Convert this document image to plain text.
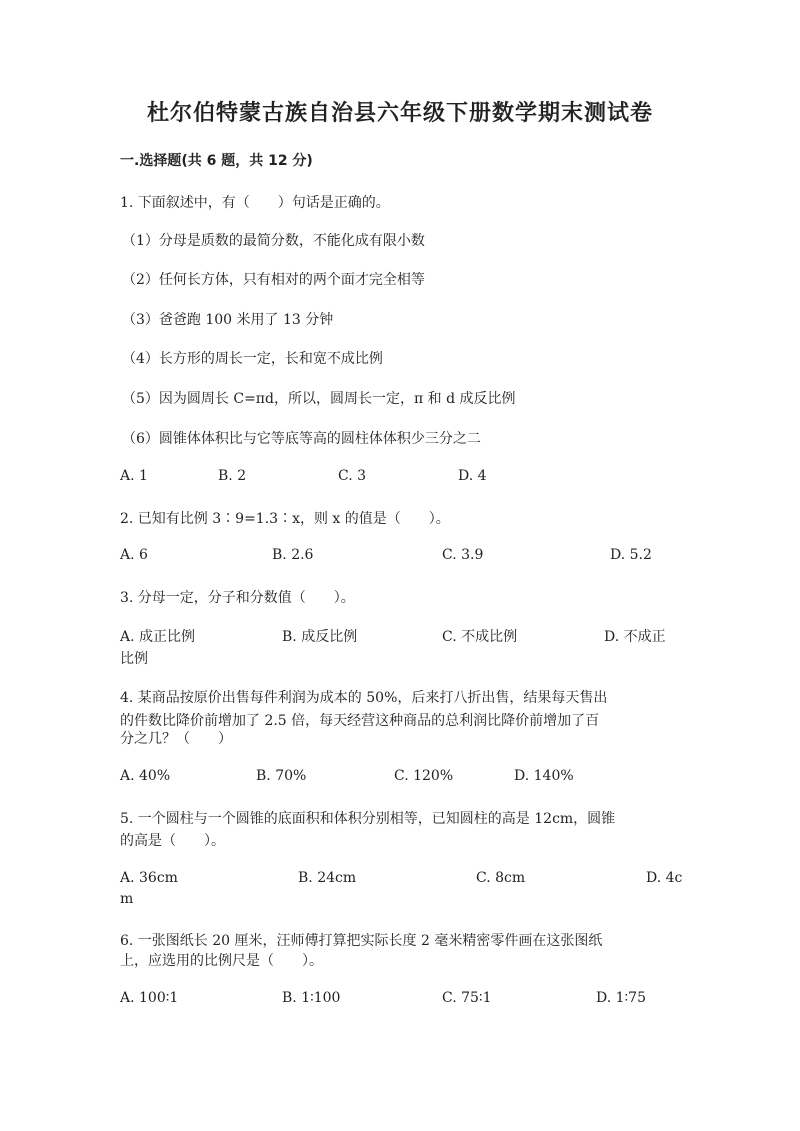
杜尔伯特蒙古族自治县六年级下册数学期末测试卷
一.选择题(共 6 题，共 12 分)
1. 下面叙述中，有（　　）句话是正确的。
（1）分母是质数的最简分数，不能化成有限小数
（2）任何长方体，只有相对的两个面才完全相等
（3）爸爸跑 100 米用了 13 分钟
（4）长方形的周长一定，长和宽不成比例
（5）因为圆周长 C=πd，所以，圆周长一定，π 和 d 成反比例
（6）圆锥体体积比与它等底等高的圆柱体体积少三分之二
A. 1	B. 2	C. 3	D. 4
2. 已知有比例 3∶9=1.3∶x，则 x 的值是（　　）。
A. 6	B. 2.6	C. 3.9	D. 5.2
3. 分母一定，分子和分数值（　　）。
A. 成正比例	B. 成反比例	C. 不成比例	D. 不成正
比例
4. 某商品按原价出售每件利润为成本的 50%，后来打八折出售，结果每天售出
的件数比降价前增加了 2.5 倍，每天经营这种商品的总利润比降价前增加了百
分之几？（　　）
A. 40%	B. 70%	C. 120%	D. 140%
5. 一个圆柱与一个圆锥的底面积和体积分别相等，已知圆柱的高是 12cm，圆锥
的高是（　　）。
A. 36cm	B. 24cm	C. 8cm	D. 4c
m
6. 一张图纸长 20 厘米，汪师傅打算把实际长度 2 毫米精密零件画在这张图纸
上，应选用的比例尺是（　　）。
A. 100∶1	B. 1∶100	C. 75∶1	D. 1∶75
